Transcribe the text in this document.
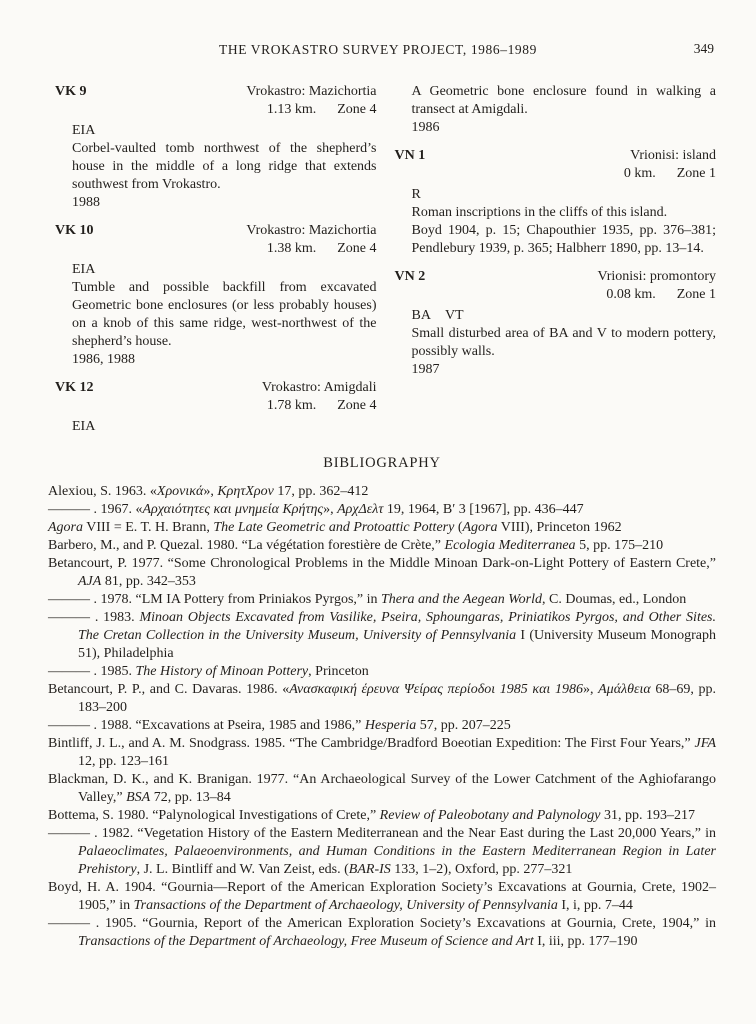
THE VROKASTRO SURVEY PROJECT, 1986–1989	349
VK 9	Vrokastro: Mazichortia
1.13 km. Zone 4

EIA

Corbel-vaulted tomb northwest of the shepherd’s house in the middle of a long ridge that extends southwest from Vrokastro.

1988

VK 10	Vrokastro: Mazichortia
1.38 km. Zone 4

EIA

Tumble and possible backfill from excavated Geometric bone enclosures (or less probably houses) on a knob of this same ridge, west-northwest of the shepherd’s house.

1986, 1988

VK 12	Vrokastro: Amigdali
1.78 km. Zone 4

EIA

A Geometric bone enclosure found in walking a transect at Amigdali.

1986

VN 1	Vrionisi: island
0 km. Zone 1

R

Roman inscriptions in the cliffs of this island.

Boyd 1904, p. 15; Chapouthier 1935, pp. 376–381; Pendlebury 1939, p. 365; Halbherr 1890, pp. 13–14.

VN 2	Vrionisi: promontory
0.08 km. Zone 1

BA VT

Small disturbed area of BA and V to modern pottery, possibly walls.

1987

BIBLIOGRAPHY

Alexiou, S. 1963. «Χρονικά», ΚρητΧρον 17, pp. 362–412

——— . 1967. «Αρχαιότητες και μνημεία Κρήτης», ΑρχΔελτ 19, 1964, Β′ 3 [1967], pp. 436–447

Agora VIII = E. T. H. Brann, The Late Geometric and Protoattic Pottery (Agora VIII), Princeton 1962

Barbero, M., and P. Quezal. 1980. “La végétation forestière de Crète,” Ecologia Mediterranea 5, pp. 175–210

Betancourt, P. 1977. “Some Chronological Problems in the Middle Minoan Dark-on-Light Pottery of Eastern Crete,” AJA 81, pp. 342–353

——— . 1978. “LM IA Pottery from Priniakos Pyrgos,” in Thera and the Aegean World, C. Doumas, ed., London

——— . 1983. Minoan Objects Excavated from Vasilike, Pseira, Sphoungaras, Priniatikos Pyrgos, and Other Sites. The Cretan Collection in the University Museum, University of Pennsylvania I (University Museum Monograph 51), Philadelphia

——— . 1985. The History of Minoan Pottery, Princeton

Betancourt, P. P., and C. Davaras. 1986. «Ανασκαφική έρευνα Ψείρας περίοδοι 1985 και 1986», Αμάλθεια 68–69, pp. 183–200

——— . 1988. “Excavations at Pseira, 1985 and 1986,” Hesperia 57, pp. 207–225

Bintliff, J. L., and A. M. Snodgrass. 1985. “The Cambridge/Bradford Boeotian Expedition: The First Four Years,” JFA 12, pp. 123–161

Blackman, D. K., and K. Branigan. 1977. “An Archaeological Survey of the Lower Catchment of the Aghiofarango Valley,” BSA 72, pp. 13–84

Bottema, S. 1980. “Palynological Investigations of Crete,” Review of Paleobotany and Palynology 31, pp. 193–217

——— . 1982. “Vegetation History of the Eastern Mediterranean and the Near East during the Last 20,000 Years,” in Palaeoclimates, Palaeoenvironments, and Human Conditions in the Eastern Mediterranean Region in Later Prehistory, J. L. Bintliff and W. Van Zeist, eds. (BAR-IS 133, 1–2), Oxford, pp. 277–321

Boyd, H. A. 1904. “Gournia—Report of the American Exploration Society’s Excavations at Gournia, Crete, 1902–1905,” in Transactions of the Department of Archaeology, University of Pennsylvania I, i, pp. 7–44

——— . 1905. “Gournia, Report of the American Exploration Society’s Excavations at Gournia, Crete, 1904,” in Transactions of the Department of Archaeology, Free Museum of Science and Art I, iii, pp. 177–190
